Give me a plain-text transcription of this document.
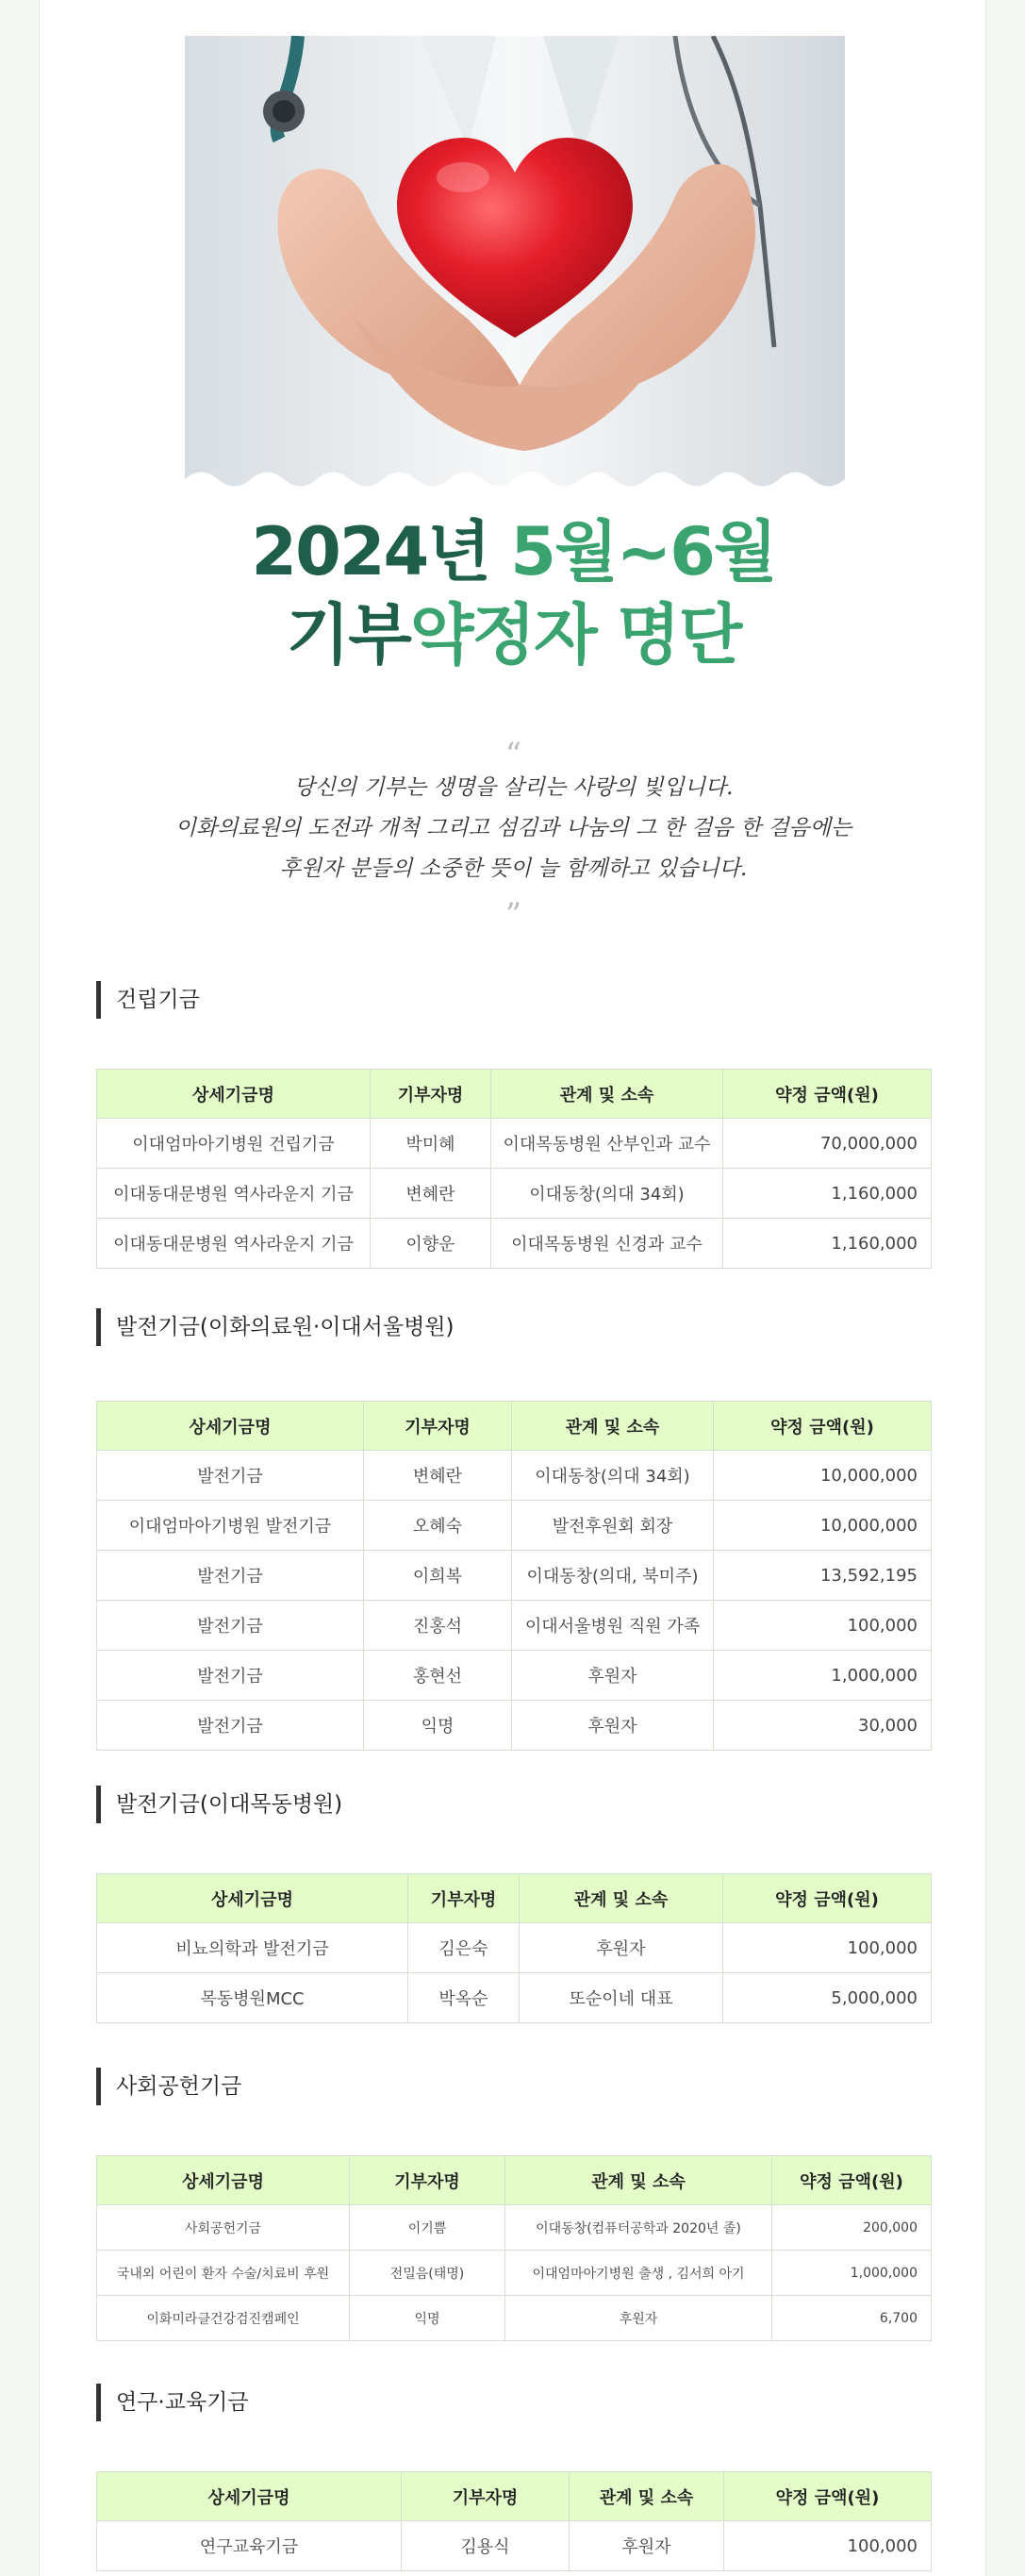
2024년 5월~6월
기부약정자 명단
“
당신의 기부는 생명을 살리는 사랑의 빛입니다.
이화의료원의 도전과 개척 그리고 섬김과 나눔의 그 한 걸음 한 걸음에는
후원자 분들의 소중한 뜻이 늘 함께하고 있습니다.
”
건립기금
상세기금명	기부자명	관계 및 소속	약정 금액(원)
이대엄마아기병원 건립기금	박미혜	이대목동병원 산부인과 교수	70,000,000
이대동대문병원 역사라운지 기금	변혜란	이대동창(의대 34회)	1,160,000
이대동대문병원 역사라운지 기금	이향운	이대목동병원 신경과 교수	1,160,000
발전기금(이화의료원·이대서울병원)
상세기금명	기부자명	관계 및 소속	약정 금액(원)
발전기금	변혜란	이대동창(의대 34회)	10,000,000
이대엄마아기병원 발전기금	오혜숙	발전후원회 회장	10,000,000
발전기금	이희복	이대동창(의대, 북미주)	13,592,195
발전기금	진홍석	이대서울병원 직원 가족	100,000
발전기금	홍현선	후원자	1,000,000
발전기금	익명	후원자	30,000
발전기금(이대목동병원)
상세기금명	기부자명	관계 및 소속	약정 금액(원)
비뇨의학과 발전기금	김은숙	후원자	100,000
목동병원MCC	박옥순	또순이네 대표	5,000,000
사회공헌기금
상세기금명	기부자명	관계 및 소속	약정 금액(원)
사회공헌기금	이기쁨	이대동창(컴퓨터공학과 2020년 졸)	200,000
국내외 어린이 환자 수술/치료비 후원	전밀음(태명)	이대엄마아기병원 출생 , 김서희 아기	1,000,000
이화미라클건강검진캠페인	익명	후원자	6,700
연구·교육기금
상세기금명	기부자명	관계 및 소속	약정 금액(원)
연구교육기금	김용식	후원자	100,000
